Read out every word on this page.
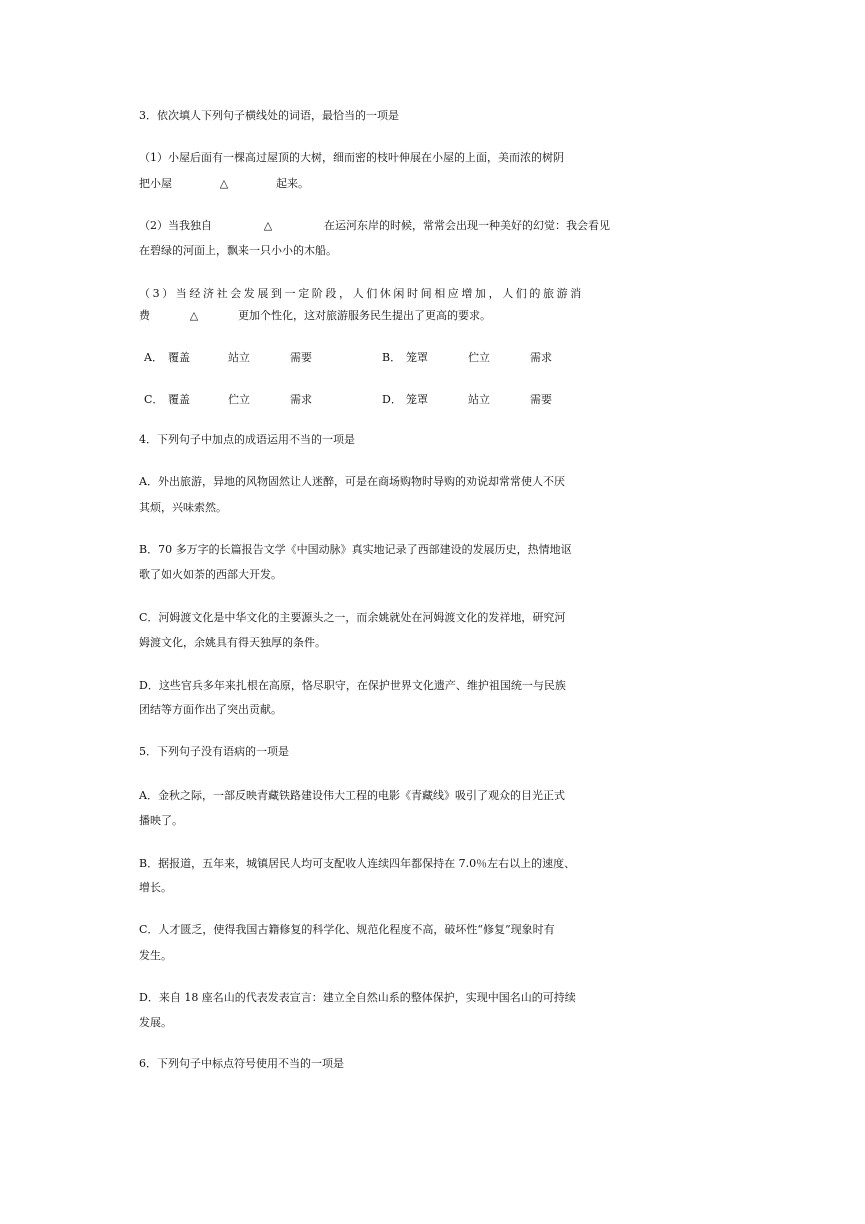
3．依次填人下列句子横线处的词语，最恰当的一项是
（1）小屋后面有一棵高过屋顶的大树，细而密的枝叶伸展在小屋的上面，美而浓的树阴
把小屋	△	起来。
（2）当我独自	△	在运河东岸的时候，常常会出现一种美好的幻觉：我会看见
在碧绿的河面上，飘来一只小小的木船。
（3）当经济社会发展到一定阶段，人们休闲时间相应增加，人们的旅游消
费	△	更加个性化，这对旅游服务民生提出了更高的要求。
A． 覆盖	站立	需要	B． 笼罩	伫立	需求
C． 覆盖	伫立	需求	D． 笼罩	站立	需要
4．下列句子中加点的成语运用不当的一项是
A．外出旅游，异地的风物固然让人迷醉，可是在商场购物时导购的劝说却常常使人不厌
其烦，兴味索然。
B．70 多万字的长篇报告文学《中国动脉》真实地记录了西部建设的发展历史，热情地讴
歌了如火如荼的西部大开发。
C．河姆渡文化是中华文化的主要源头之一，而余姚就处在河姆渡文化的发祥地，研究河
姆渡文化，余姚具有得天独厚的条件。
D．这些官兵多年来扎根在高原，恪尽职守，在保护世界文化遗产、维护祖国统一与民族
团结等方面作出了突出贡献。
5．下列句子没有语病的一项是
A．金秋之际，一部反映青藏铁路建设伟大工程的电影《青藏线》吸引了观众的目光正式
播映了。
B．据报道，五年来，城镇居民人均可支配收人连续四年都保持在 7.0％左右以上的速度、
增长。
C．人才匮乏，使得我国古籍修复的科学化、规范化程度不高，破坏性“修复”现象时有
发生。
D．来自 18 座名山的代表发表宣言：建立全自然山系的整体保护，实现中国名山的可持续
发展。
6．下列句子中标点符号使用不当的一项是
